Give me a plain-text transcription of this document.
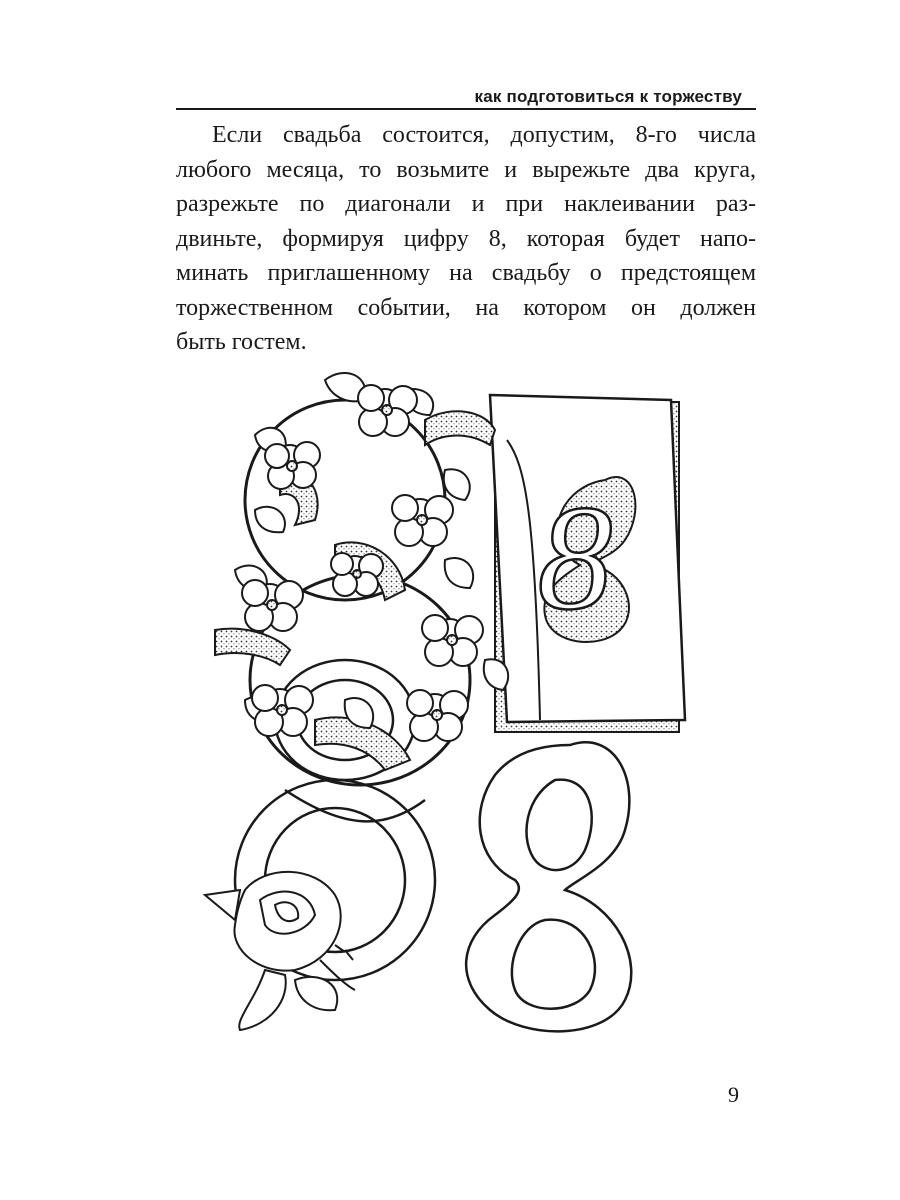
как подготовиться к торжеству
Если свадьба состоится, допустим, 8-го числа
любого месяца, то возьмите и вырежьте два круга,
разрежьте по диагонали и при наклеивании раз-
двиньте, формируя цифру 8, которая будет напо-
минать приглашенному на свадьбу о предстоящем
торжественном событии, на котором он должен
быть гостем.
8
9
